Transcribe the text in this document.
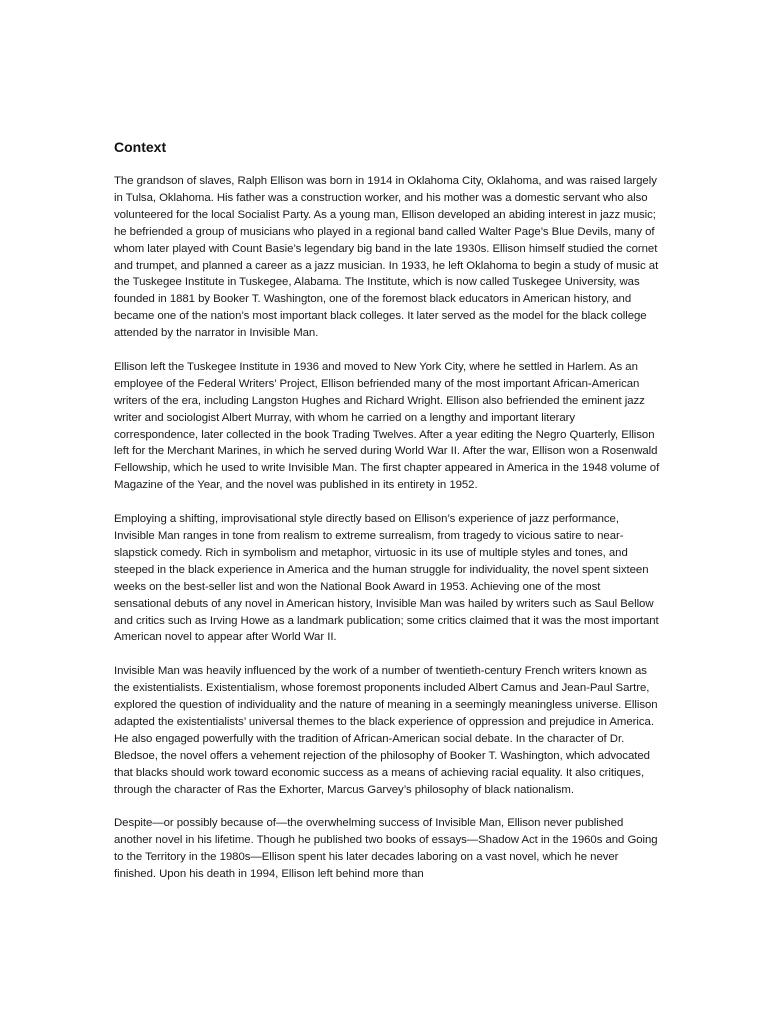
Context

The grandson of slaves, Ralph Ellison was born in 1914 in Oklahoma City, Oklahoma, and was raised largely in Tulsa, Oklahoma. His father was a construction worker, and his mother was a domestic servant who also volunteered for the local Socialist Party. As a young man, Ellison developed an abiding interest in jazz music; he befriended a group of musicians who played in a regional band called Walter Page’s Blue Devils, many of whom later played with Count Basie’s legendary big band in the late 1930s. Ellison himself studied the cornet and trumpet, and planned a career as a jazz musician. In 1933, he left Oklahoma to begin a study of music at the Tuskegee Institute in Tuskegee, Alabama. The Institute, which is now called Tuskegee University, was founded in 1881 by Booker T. Washington, one of the foremost black educators in American history, and became one of the nation’s most important black colleges. It later served as the model for the black college attended by the narrator in Invisible Man.

Ellison left the Tuskegee Institute in 1936 and moved to New York City, where he settled in Harlem. As an employee of the Federal Writers’ Project, Ellison befriended many of the most important African-American writers of the era, including Langston Hughes and Richard Wright. Ellison also befriended the eminent jazz writer and sociologist Albert Murray, with whom he carried on a lengthy and important literary correspondence, later collected in the book Trading Twelves. After a year editing the Negro Quarterly, Ellison left for the Merchant Marines, in which he served during World War II. After the war, Ellison won a Rosenwald Fellowship, which he used to write Invisible Man. The first chapter appeared in America in the 1948 volume of Magazine of the Year, and the novel was published in its entirety in 1952.

Employing a shifting, improvisational style directly based on Ellison’s experience of jazz performance, Invisible Man ranges in tone from realism to extreme surrealism, from tragedy to vicious satire to near-slapstick comedy. Rich in symbolism and metaphor, virtuosic in its use of multiple styles and tones, and steeped in the black experience in America and the human struggle for individuality, the novel spent sixteen weeks on the best-seller list and won the National Book Award in 1953. Achieving one of the most sensational debuts of any novel in American history, Invisible Man was hailed by writers such as Saul Bellow and critics such as Irving Howe as a landmark publication; some critics claimed that it was the most important American novel to appear after World War II.

Invisible Man was heavily influenced by the work of a number of twentieth-century French writers known as the existentialists. Existentialism, whose foremost proponents included Albert Camus and Jean-Paul Sartre, explored the question of individuality and the nature of meaning in a seemingly meaningless universe. Ellison adapted the existentialists’ universal themes to the black experience of oppression and prejudice in America. He also engaged powerfully with the tradition of African-American social debate. In the character of Dr. Bledsoe, the novel offers a vehement rejection of the philosophy of Booker T. Washington, which advocated that blacks should work toward economic success as a means of achieving racial equality. It also critiques, through the character of Ras the Exhorter, Marcus Garvey’s philosophy of black nationalism.

Despite—or possibly because of—the overwhelming success of Invisible Man, Ellison never published another novel in his lifetime. Though he published two books of essays—Shadow Act in the 1960s and Going to the Territory in the 1980s—Ellison spent his later decades laboring on a vast novel, which he never finished. Upon his death in 1994, Ellison left behind more than
